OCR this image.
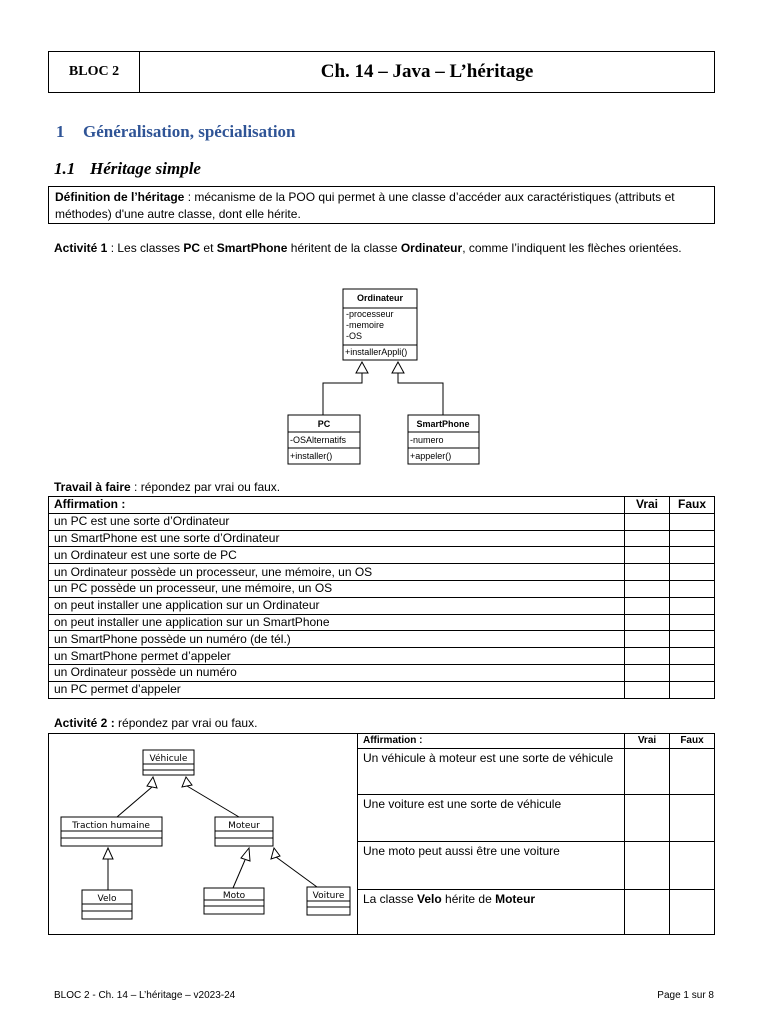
BLOC 2	Ch. 14 – Java – L’héritage
1 Généralisation, spécialisation
1.1 Héritage simple
Définition de l’héritage : mécanisme de la POO qui permet à une classe d’accéder aux caractéristiques (attributs et méthodes) d'une autre classe, dont elle hérite.
Activité 1 : Les classes PC et SmartPhone héritent de la classe Ordinateur, comme l’indiquent les flèches orientées.
Ordinateur
-processeur
-memoire
-OS
+installerAppli()
PC
-OSAlternatifs
+installer()
SmartPhone
-numero
+appeler()
Travail à faire : répondez par vrai ou faux.
Affirmation :	Vrai	Faux
un PC est une sorte d’Ordinateur		
un SmartPhone est une sorte d’Ordinateur		
un Ordinateur est une sorte de PC		
un Ordinateur possède un processeur, une mémoire, un OS		
un PC possède un processeur, une mémoire, un OS		
on peut installer une application sur un Ordinateur		
on peut installer une application sur un SmartPhone		
un SmartPhone possède un numéro (de tél.)		
un SmartPhone permet d’appeler		
un Ordinateur possède un numéro		
un PC permet d’appeler		
Activité 2 : répondez par vrai ou faux.
Véhicule
Traction humaine	Moteur
Velo	Moto	Voiture
Affirmation :	Vrai	Faux
Un véhicule à moteur est une sorte de véhicule		
Une voiture est une sorte de véhicule		
Une moto peut aussi être une voiture		
La classe Velo hérite de Moteur		
BLOC 2 - Ch. 14 – L’héritage – v2023-24	Page 1 sur 8
